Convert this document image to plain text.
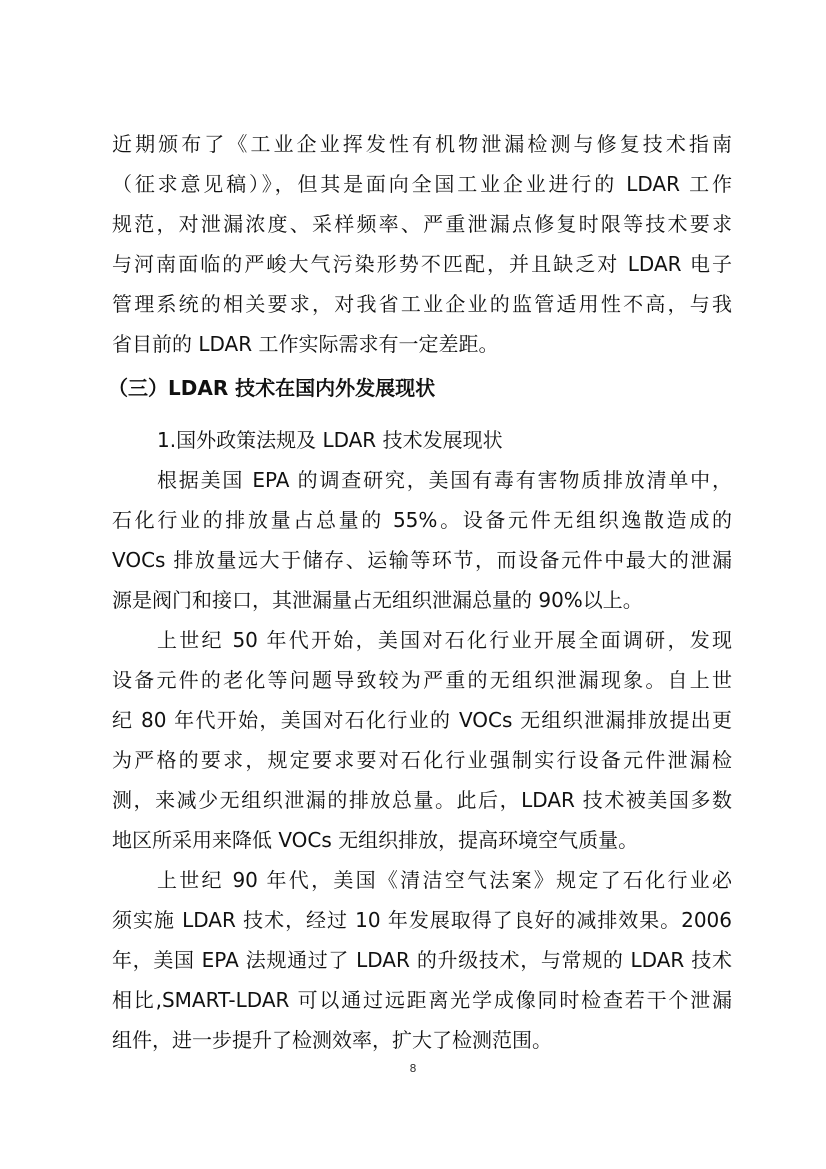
近期颁布了《工业企业挥发性有机物泄漏检测与修复技术指南
（征求意见稿）》，但其是面向全国工业企业进行的 LDAR 工作
规范，对泄漏浓度、采样频率、严重泄漏点修复时限等技术要求
与河南面临的严峻大气污染形势不匹配，并且缺乏对 LDAR 电子
管理系统的相关要求，对我省工业企业的监管适用性不高，与我
省目前的 LDAR 工作实际需求有一定差距。
（三）LDAR 技术在国内外发展现状
1.国外政策法规及 LDAR 技术发展现状
根据美国 EPA 的调查研究，美国有毒有害物质排放清单中，
石化行业的排放量占总量的 55%。设备元件无组织逸散造成的
VOCs 排放量远大于储存、运输等环节，而设备元件中最大的泄漏
源是阀门和接口，其泄漏量占无组织泄漏总量的 90%以上。
上世纪 50 年代开始，美国对石化行业开展全面调研，发现
设备元件的老化等问题导致较为严重的无组织泄漏现象。自上世
纪 80 年代开始，美国对石化行业的 VOCs 无组织泄漏排放提出更
为严格的要求，规定要求要对石化行业强制实行设备元件泄漏检
测，来减少无组织泄漏的排放总量。此后，LDAR 技术被美国多数
地区所采用来降低 VOCs 无组织排放，提高环境空气质量。
上世纪 90 年代，美国《清洁空气法案》规定了石化行业必
须实施 LDAR 技术，经过 10 年发展取得了良好的减排效果。2006
年，美国 EPA 法规通过了 LDAR 的升级技术，与常规的 LDAR 技术
相比,SMART-LDAR 可以通过远距离光学成像同时检查若干个泄漏
组件，进一步提升了检测效率，扩大了检测范围。
8
